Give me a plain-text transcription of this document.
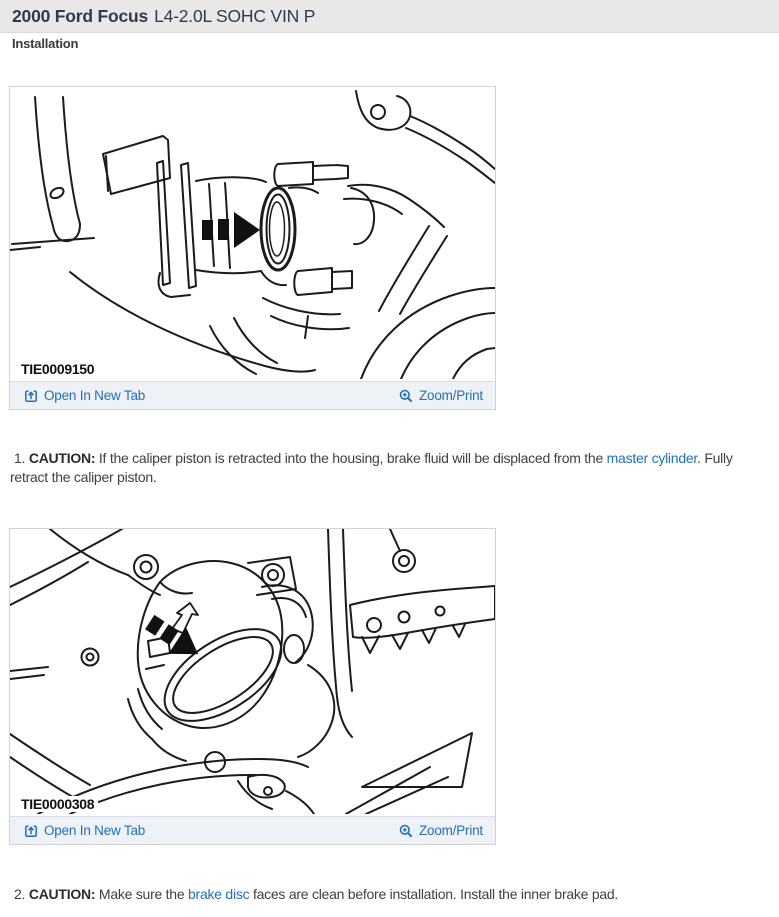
2000 Ford Focus L4-2.0L SOHC VIN P
Installation
TIE0009150
Open In New Tab	Zoom/Print

1. CAUTION: If the caliper piston is retracted into the housing, brake fluid will be displaced from the master cylinder. Fully retract the caliper piston.

TIE0000308
Open In New Tab	Zoom/Print

2. CAUTION: Make sure the brake disc faces are clean before installation. Install the inner brake pad.
